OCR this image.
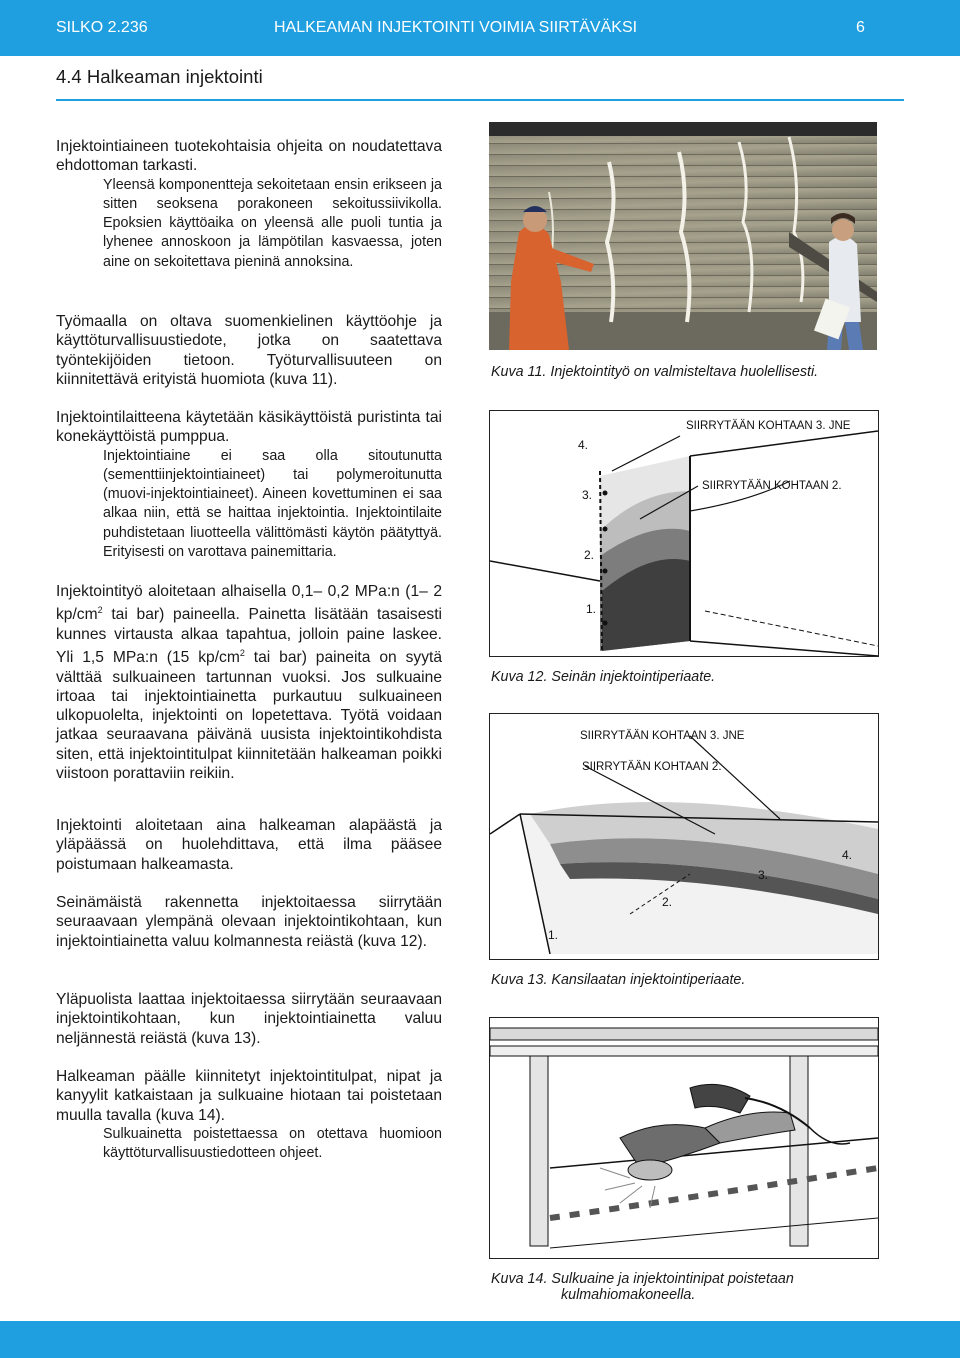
SILKO 2.236	HALKEAMAN INJEKTOINTI VOIMIA SIIRTÄVÄKSI	6
4.4 Halkeaman injektointi

Injektointiaineen tuotekohtaisia ohjeita on noudatettava ehdottoman tarkasti.

Yleensä komponentteja sekoitetaan ensin erikseen ja sitten seoksena porakoneen sekoitussiivikolla. Epoksien käyttöaika on yleensä alle puoli tuntia ja lyhenee annoskoon ja lämpötilan kasvaessa, joten aine on sekoitettava pieninä annoksina.

Työmaalla on oltava suomenkielinen käyttöohje ja käyttöturvallisuustiedote, jotka on saatettava työntekijöiden tietoon. Työturvallisuuteen on kiinnitettävä erityistä huomiota (kuva 11).

Injektointilaitteena käytetään käsikäyttöistä puristinta tai konekäyttöistä pumppua.

Injektointiaine ei saa olla sitoutunutta (sementtiinjektointiaineet) tai polymeroitunutta (muovi-injektointiaineet). Aineen kovettuminen ei saa alkaa niin, että se haittaa injektointia. Injektointilaite puhdistetaan liuotteella välittömästi käytön päätyttyä. Erityisesti on varottava painemittaria.

Injektointityö aloitetaan alhaisella 0,1– 0,2 MPa:n (1– 2 $kp/cm^2$ tai bar) paineella. Painetta lisätään tasaisesti kunnes virtausta alkaa tapahtua, jolloin paine laskee. Yli 1,5 MPa:n (15 $kp/cm^2$ tai bar) paineita on syytä välttää sulkuaineen tartunnan vuoksi. Jos sulkuaine irtoaa tai injektointiainetta purkautuu sulkuaineen ulkopuolelta, injektointi on lopetettava. Työtä voidaan jatkaa seuraavana päivänä uusista injektointikohdista siten, että injektointitulpat kiinnitetään halkeaman poikki viistoon porattaviin reikiin.

Injektointi aloitetaan aina halkeaman alapäästä ja yläpäässä on huolehdittava, että ilma pääsee poistumaan halkeamasta.

Seinämäistä rakennetta injektoitaessa siirrytään seuraavaan ylempänä olevaan injektointikohtaan, kun injektointiainetta valuu kolmannesta reiästä (kuva 12).

Yläpuolista laattaa injektoitaessa siirrytään seuraavaan injektointikohtaan, kun injektointiainetta valuu neljännestä reiästä (kuva 13).

Halkeaman päälle kiinnitetyt injektointitulpat, nipat ja kanyylit katkaistaan ja sulkuaine hiotaan tai poistetaan muulla tavalla (kuva 14).

Sulkuainetta poistettaessa on otettava huomioon käyttöturvallisuustiedotteen ohjeet.

Kuva 11. Injektointityö on valmisteltava huolellisesti.
SIIRRYTÄÄN KOHTAAN 3. JNE
SIIRRYTÄÄN KOHTAAN 2.
4.
3.
2.
1.
Kuva 12. Seinän injektointiperiaate.
SIIRRYTÄÄN KOHTAAN 3. JNE
SIIRRYTÄÄN KOHTAAN 2.
4.
3.
2.
1.
Kuva 13. Kansilaatan injektointiperiaate.
Kuva 14. Sulkuaine ja injektointinipat poistetaan
kulmahiomakoneella.
